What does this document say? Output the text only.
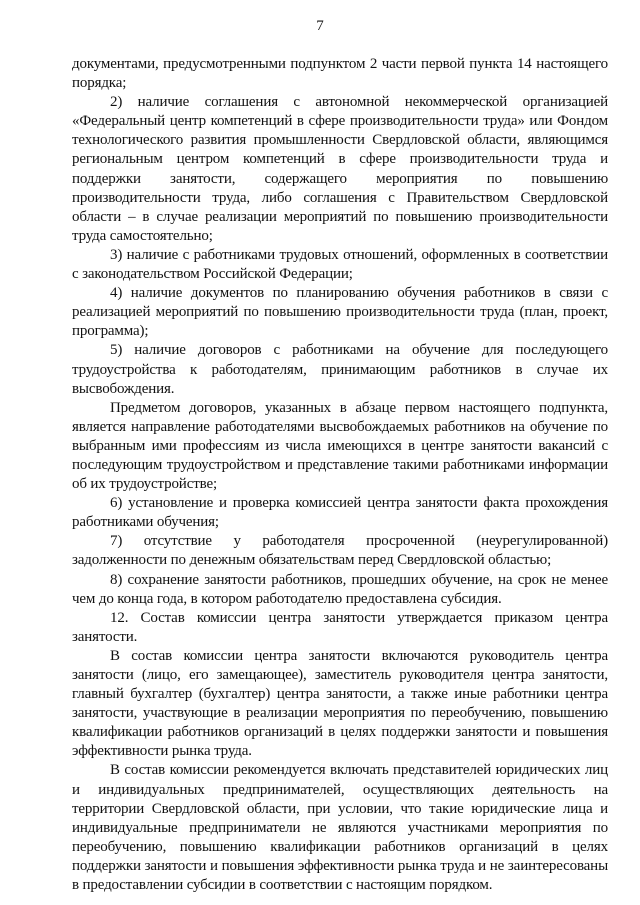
7

документами, предусмотренными подпунктом 2 части первой пункта 14 настоящего порядка;

2) наличие соглашения с автономной некоммерческой организацией «Федеральный центр компетенций в сфере производительности труда» или Фондом технологического развития промышленности Свердловской области, являющимся региональным центром компетенций в сфере производительности труда и поддержки занятости, содержащего мероприятия по повышению производительности труда, либо соглашения с Правительством Свердловской области – в случае реализации мероприятий по повышению производительности труда самостоятельно;

3) наличие с работниками трудовых отношений, оформленных в соответствии с законодательством Российской Федерации;

4) наличие документов по планированию обучения работников в связи с реализацией мероприятий по повышению производительности труда (план, проект, программа);

5) наличие договоров с работниками на обучение для последующего трудоустройства к работодателям, принимающим работников в случае их высвобождения.

Предметом договоров, указанных в абзаце первом настоящего подпункта, является направление работодателями высвобождаемых работников на обучение по выбранным ими профессиям из числа имеющихся в центре занятости вакансий с последующим трудоустройством и представление такими работниками информации об их трудоустройстве;

6) установление и проверка комиссией центра занятости факта прохождения работниками обучения;

7) отсутствие у работодателя просроченной (неурегулированной) задолженности по денежным обязательствам перед Свердловской областью;

8) сохранение занятости работников, прошедших обучение, на срок не менее чем до конца года, в котором работодателю предоставлена субсидия.

12. Состав комиссии центра занятости утверждается приказом центра занятости.

В состав комиссии центра занятости включаются руководитель центра занятости (лицо, его замещающее), заместитель руководителя центра занятости, главный бухгалтер (бухгалтер) центра занятости, а также иные работники центра занятости, участвующие в реализации мероприятия по переобучению, повышению квалификации работников организаций в целях поддержки занятости и повышения эффективности рынка труда.

В состав комиссии рекомендуется включать представителей юридических лиц и индивидуальных предпринимателей, осуществляющих деятельность на территории Свердловской области, при условии, что такие юридические лица и индивидуальные предприниматели не являются участниками мероприятия по переобучению, повышению квалификации работников организаций в целях поддержки занятости и повышения эффективности рынка труда и не заинтересованы в предоставлении субсидии в соответствии с настоящим порядком.
